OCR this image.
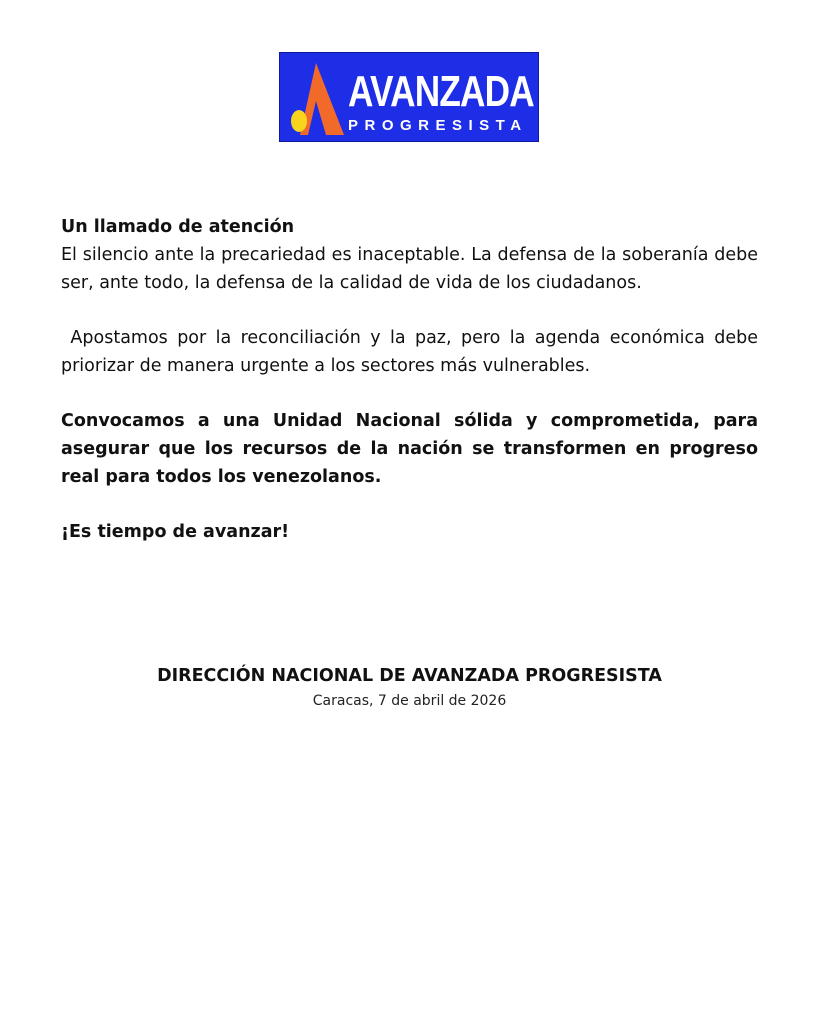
AVANZADA
PROGRESISTA

Un llamado de atención

El silencio ante la precariedad es inaceptable. La defensa de la soberanía debe ser, ante todo, la defensa de la calidad de vida de los ciudadanos.

Apostamos por la reconciliación y la paz, pero la agenda económica debe priorizar de manera urgente a los sectores más vulnerables.

Convocamos a una Unidad Nacional sólida y comprometida, para asegurar que los recursos de la nación se transformen en progreso real para todos los venezolanos.

¡Es tiempo de avanzar!

DIRECCIÓN NACIONAL DE AVANZADA PROGRESISTA
Caracas, 7 de abril de 2026
